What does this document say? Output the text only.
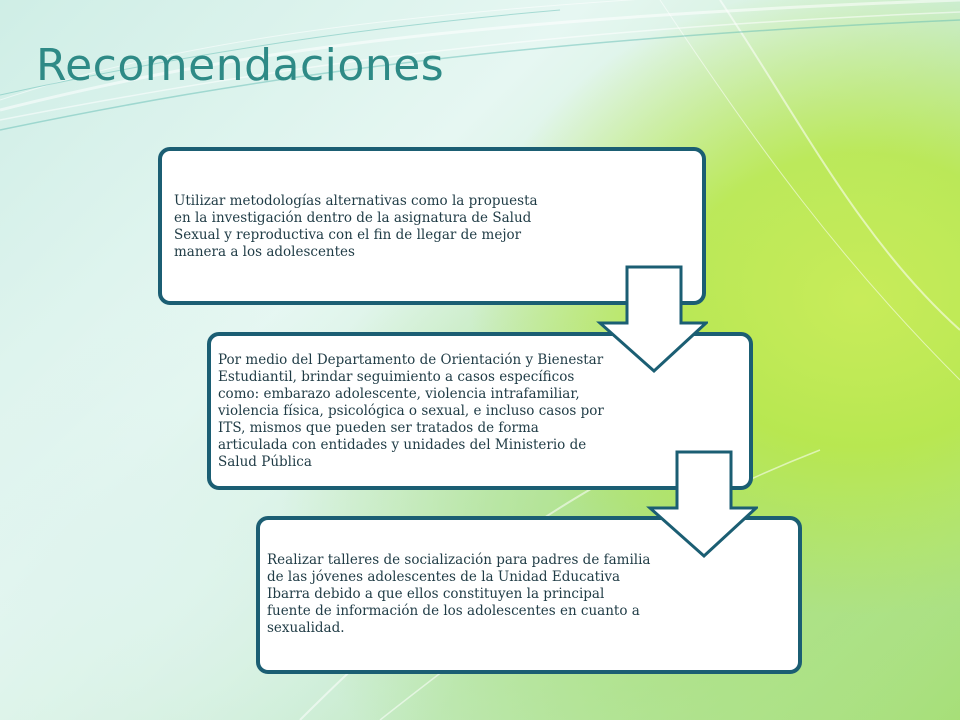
Recomendaciones

Utilizar metodologías alternativas como la propuesta en la investigación dentro de la asignatura de Salud Sexual y reproductiva con el fin de llegar de mejor manera a los adolescentes

Por medio del Departamento de Orientación y Bienestar Estudiantil, brindar seguimiento a casos específicos como: embarazo adolescente, violencia intrafamiliar, violencia física, psicológica o sexual, e incluso casos por ITS, mismos que pueden ser tratados de forma articulada con entidades y unidades del Ministerio de Salud Pública

Realizar talleres de socialización para padres de familia de las jóvenes adolescentes de la Unidad Educativa Ibarra debido a que ellos constituyen la principal fuente de información de los adolescentes en cuanto a sexualidad.
